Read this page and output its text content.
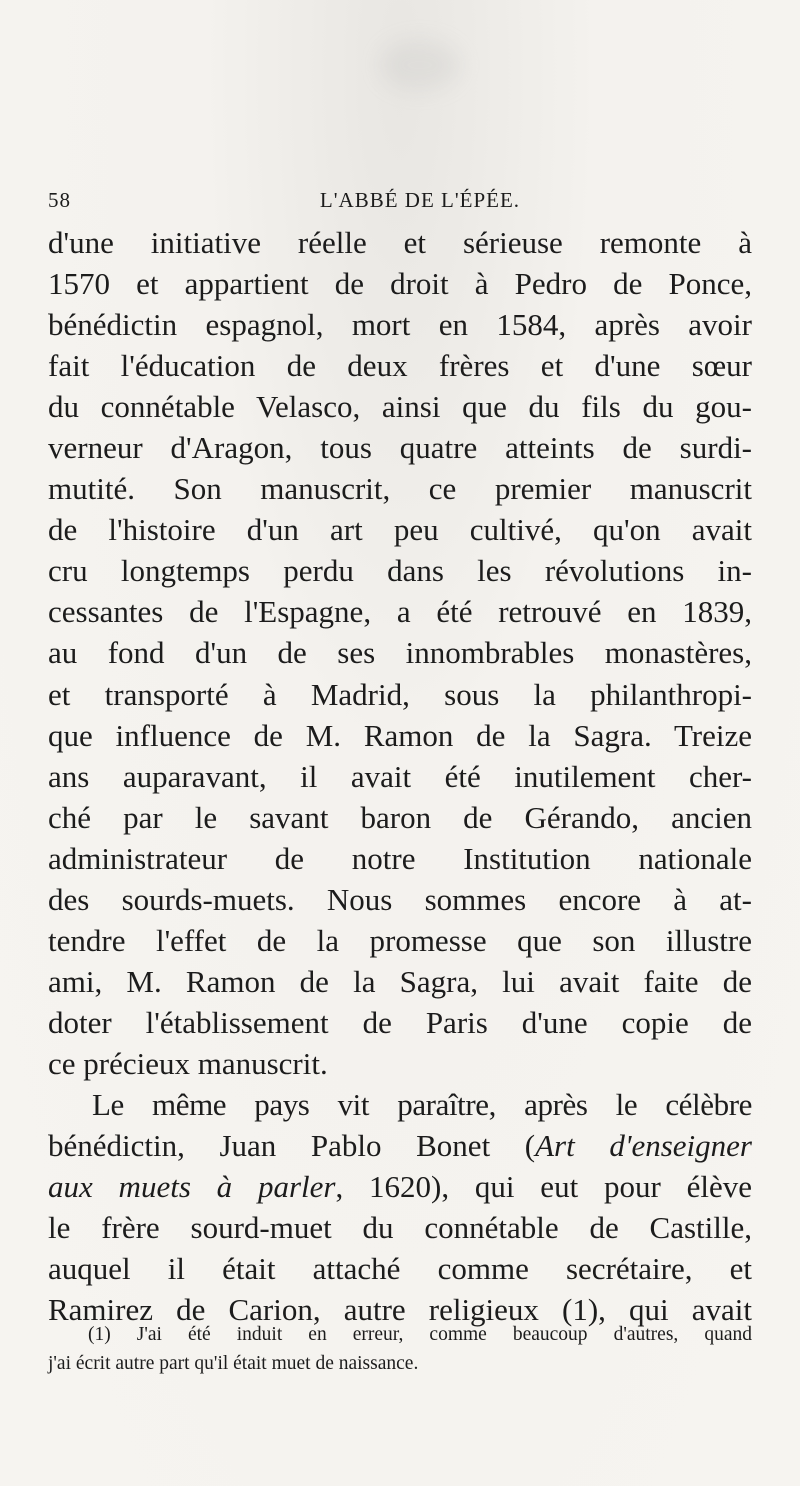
58	L'ABBÉ DE L'ÉPÉE.
d'une initiative réelle et sérieuse remonte à
1570 et appartient de droit à Pedro de Ponce,
bénédictin espagnol, mort en 1584, après avoir
fait l'éducation de deux frères et d'une sœur
du connétable Velasco, ainsi que du fils du gou-
verneur d'Aragon, tous quatre atteints de surdi-
mutité. Son manuscrit, ce premier manuscrit
de l'histoire d'un art peu cultivé, qu'on avait
cru longtemps perdu dans les révolutions in-
cessantes de l'Espagne, a été retrouvé en 1839,
au fond d'un de ses innombrables monastères,
et transporté à Madrid, sous la philanthropi-
que influence de M. Ramon de la Sagra. Treize
ans auparavant, il avait été inutilement cher-
ché par le savant baron de Gérando, ancien
administrateur de notre Institution nationale
des sourds-muets. Nous sommes encore à at-
tendre l'effet de la promesse que son illustre
ami, M. Ramon de la Sagra, lui avait faite de
doter l'établissement de Paris d'une copie de
ce précieux manuscrit.
Le même pays vit paraître, après le célèbre
bénédictin, Juan Pablo Bonet (Art d'enseigner
aux muets à parler, 1620), qui eut pour élève
le frère sourd-muet du connétable de Castille,
auquel il était attaché comme secrétaire, et
Ramirez de Carion, autre religieux (1), qui avait
(1) J'ai été induit en erreur, comme beaucoup d'autres, quand
j'ai écrit autre part qu'il était muet de naissance.
